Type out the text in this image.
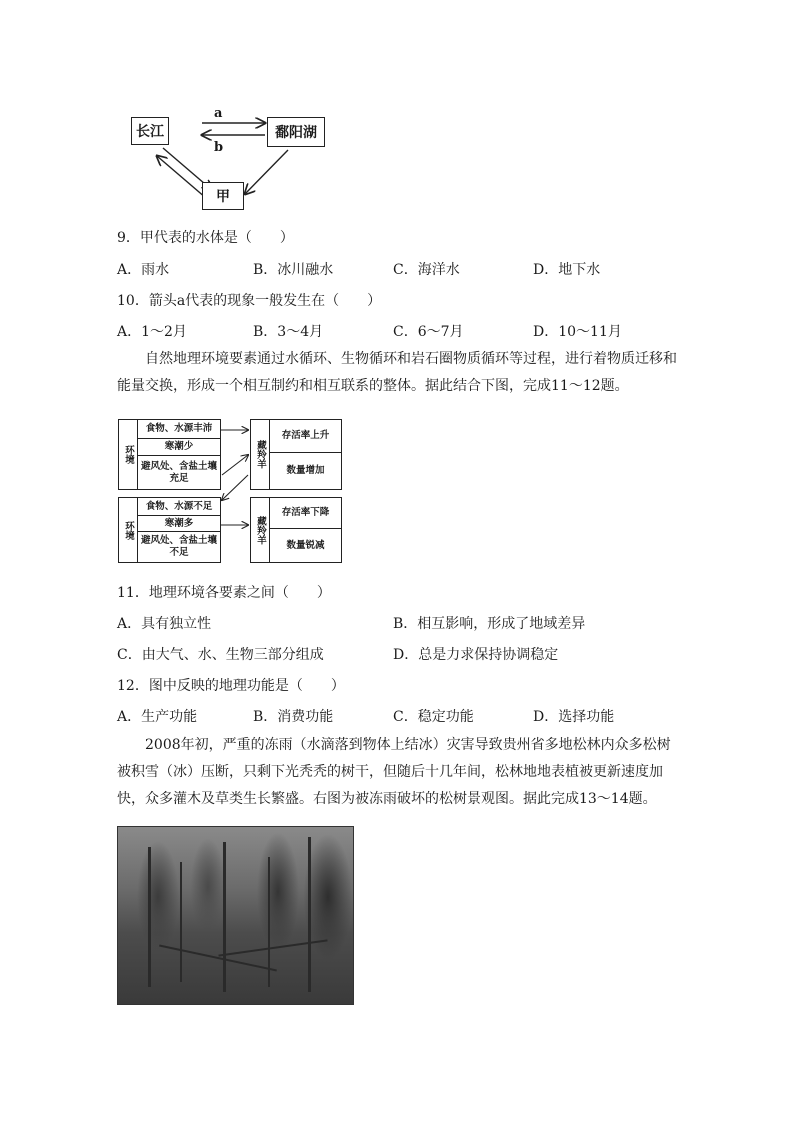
长江	鄱阳湖
甲
a
b
9．甲代表的水体是（　　）
A．雨水	B．冰川融水	C．海洋水	D．地下水
10．箭头a代表的现象一般发生在（　　）
A．1～2月	B．3～4月	C．6～7月	D．10～11月
自然地理环境要素通过水循环、生物循环和岩石圈物质循环等过程，进行着物质迁移和能量交换，形成一个相互制约和相互联系的整体。据此结合下图，完成11～12题。
环境
食物、水源丰沛
寒潮少
避风处、含盐土壤充足
环境
食物、水源不足
寒潮多
避风处、含盐土壤不足
藏羚羊
存活率上升
数量增加
藏羚羊
存活率下降
数量锐减
11．地理环境各要素之间（　　）
A．具有独立性	B．相互影响，形成了地域差异
C．由大气、水、生物三部分组成	D．总是力求保持协调稳定
12．图中反映的地理功能是（　　）
A．生产功能	B．消费功能	C．稳定功能	D．选择功能
2008年初，严重的冻雨（水滴落到物体上结冰）灾害导致贵州省多地松林内众多松树被积雪（冰）压断，只剩下光秃秃的树干，但随后十几年间，松林地地表植被更新速度加快，众多灌木及草类生长繁盛。右图为被冻雨破坏的松树景观图。据此完成13～14题。
